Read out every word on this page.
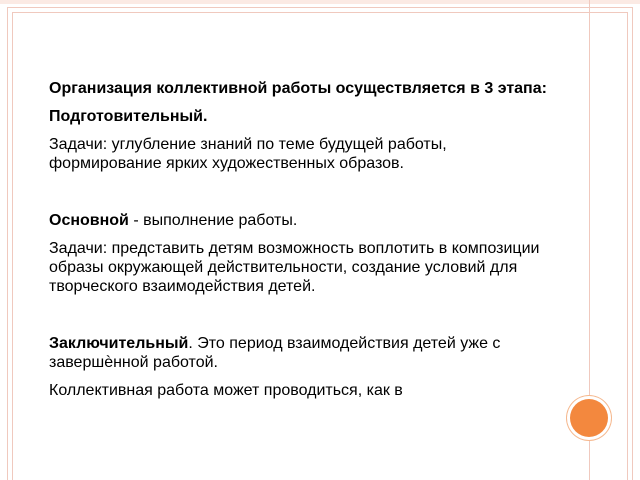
Организация коллективной работы осуществляется в 3 этапа:

Подготовительный.

Задачи: углубление знаний по теме будущей работы, формирование ярких художественных образов.

Основной - выполнение работы.

Задачи: представить детям возможность воплотить в композиции образы окружающей действительности, создание условий для творческого взаимодействия детей.

Заключительный. Это период взаимодействия детей уже с завершѐнной работой.

Коллективная работа может проводиться, как в
